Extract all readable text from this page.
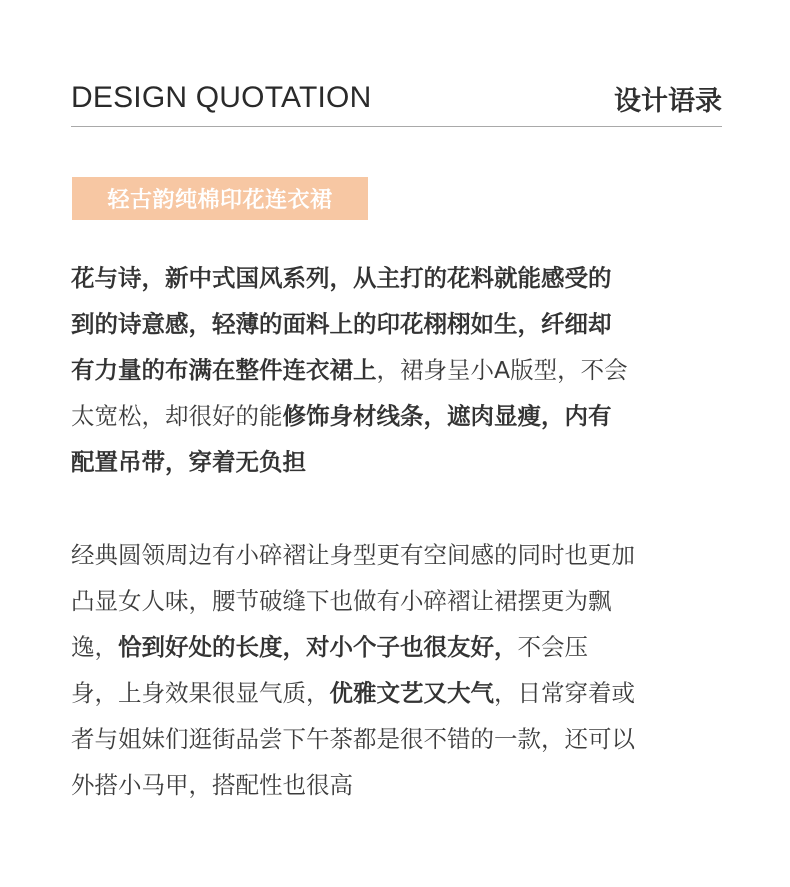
DESIGN QUOTATION	设计语录
轻古韵纯棉印花连衣裙
花与诗，新中式国风系列，从主打的花料就能感受的
到的诗意感，轻薄的面料上的印花栩栩如生，纤细却
有力量的布满在整件连衣裙上，裙身呈小A版型，不会
太宽松，却很好的能修饰身材线条，遮肉显瘦，内有
配置吊带，穿着无负担
经典圆领周边有小碎褶让身型更有空间感的同时也更加
凸显女人味，腰节破缝下也做有小碎褶让裙摆更为飘
逸，恰到好处的长度，对小个子也很友好，不会压
身，上身效果很显气质，优雅文艺又大气，日常穿着或
者与姐妹们逛街品尝下午茶都是很不错的一款，还可以
外搭小马甲，搭配性也很高
